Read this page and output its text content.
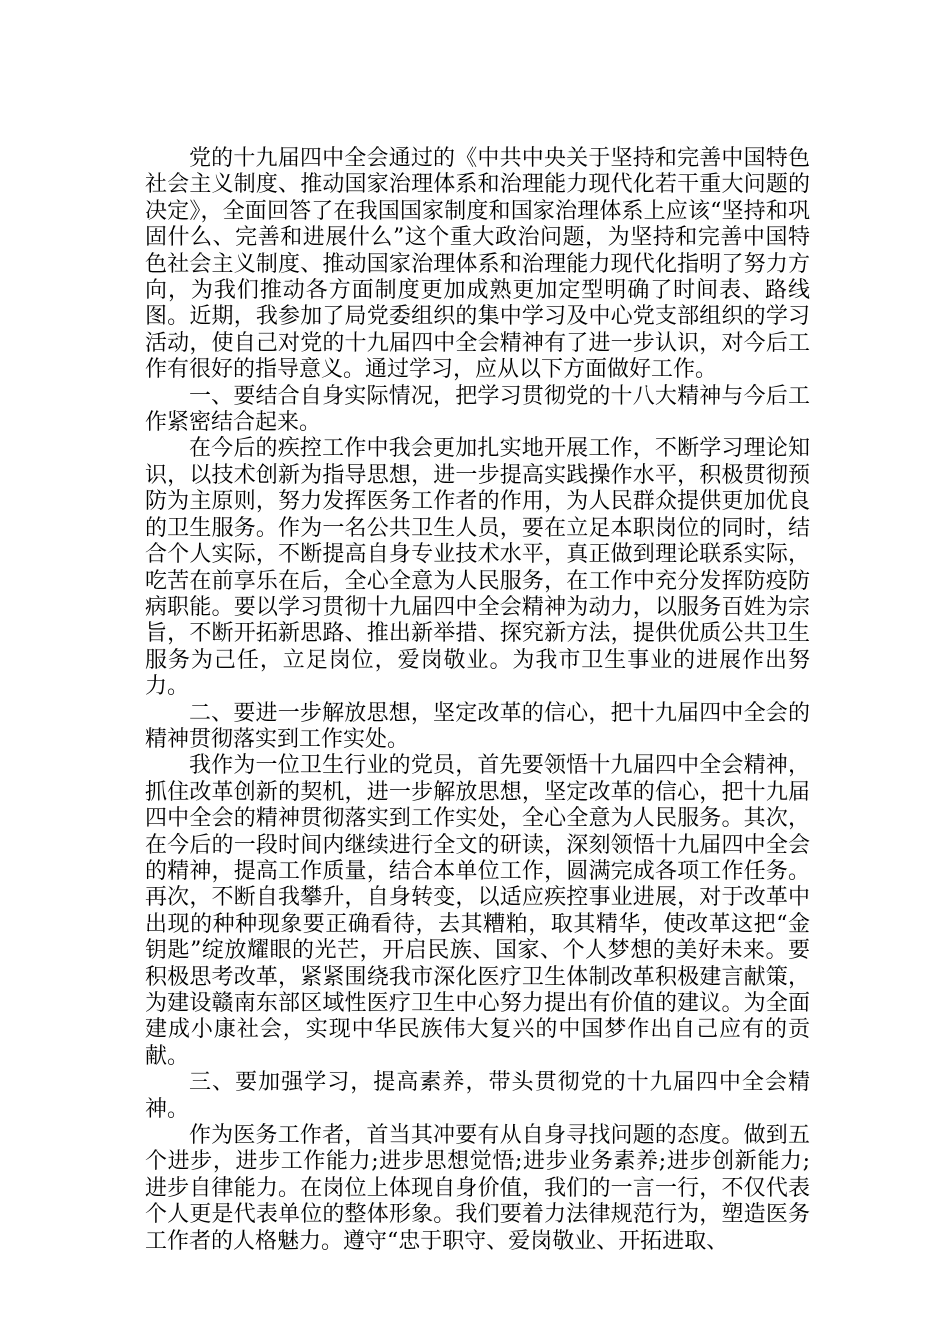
党的十九届四中全会通过的《中共中央关于坚持和完善中国特色社会主义制度、推动国家治理体系和治理能力现代化若干重大问题的决定》，全面回答了在我国国家制度和国家治理体系上应该“坚持和巩固什么、完善和进展什么”这个重大政治问题，为坚持和完善中国特色社会主义制度、推动国家治理体系和治理能力现代化指明了努力方向，为我们推动各方面制度更加成熟更加定型明确了时间表、路线图。近期，我参加了局党委组织的集中学习及中心党支部组织的学习活动，使自己对党的十九届四中全会精神有了进一步认识，对今后工作有很好的指导意义。通过学习，应从以下方面做好工作。

一、要结合自身实际情况，把学习贯彻党的十八大精神与今后工作紧密结合起来。

在今后的疾控工作中我会更加扎实地开展工作，不断学习理论知识，以技术创新为指导思想，进一步提高实践操作水平，积极贯彻预防为主原则，努力发挥医务工作者的作用，为人民群众提供更加优良的卫生服务。作为一名公共卫生人员，要在立足本职岗位的同时，结合个人实际，不断提高自身专业技术水平，真正做到理论联系实际，吃苦在前享乐在后，全心全意为人民服务，在工作中充分发挥防疫防病职能。要以学习贯彻十九届四中全会精神为动力，以服务百姓为宗旨，不断开拓新思路、推出新举措、探究新方法，提供优质公共卫生服务为己任，立足岗位，爱岗敬业。为我市卫生事业的进展作出努力。

二、要进一步解放思想，坚定改革的信心，把十九届四中全会的精神贯彻落实到工作实处。

我作为一位卫生行业的党员，首先要领悟十九届四中全会精神，抓住改革创新的契机，进一步解放思想，坚定改革的信心，把十九届四中全会的精神贯彻落实到工作实处，全心全意为人民服务。其次，在今后的一段时间内继续进行全文的研读，深刻领悟十九届四中全会的精神，提高工作质量，结合本单位工作，圆满完成各项工作任务。再次，不断自我攀升，自身转变，以适应疾控事业进展，对于改革中出现的种种现象要正确看待，去其糟粕，取其精华，使改革这把“金钥匙”绽放耀眼的光芒，开启民族、国家、个人梦想的美好未来。要积极思考改革，紧紧围绕我市深化医疗卫生体制改革积极建言献策，为建设赣南东部区域性医疗卫生中心努力提出有价值的建议。为全面建成小康社会，实现中华民族伟大复兴的中国梦作出自己应有的贡献。

三、要加强学习，提高素养，带头贯彻党的十九届四中全会精神。

作为医务工作者，首当其冲要有从自身寻找问题的态度。做到五个进步，进步工作能力;进步思想觉悟;进步业务素养;进步创新能力;进步自律能力。在岗位上体现自身价值，我们的一言一行，不仅代表个人更是代表单位的整体形象。我们要着力法律规范行为，塑造医务工作者的人格魅力。遵守“忠于职守、爱岗敬业、开拓进取、
